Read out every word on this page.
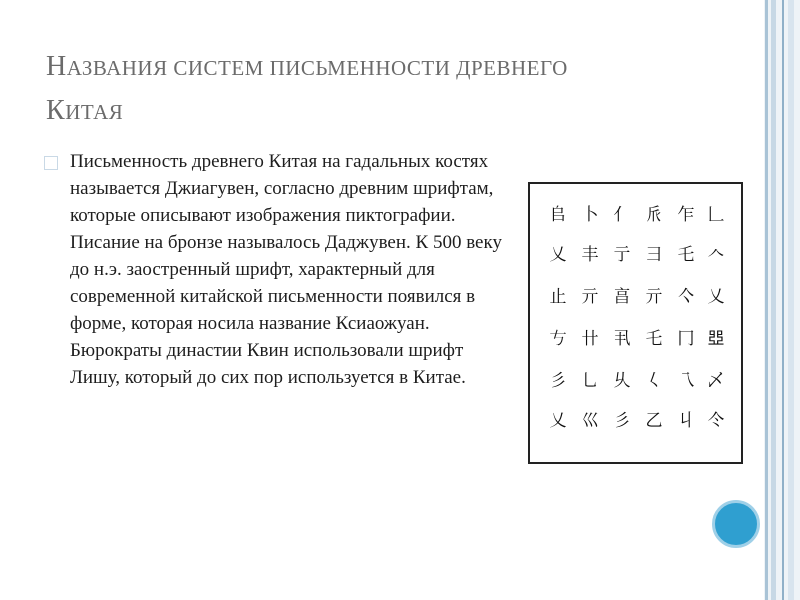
НАЗВАНИЯ СИСТЕМ ПИСЬМЕННОСТИ ДРЕВНЕГО
КИТАЯ

Письменность древнего Китая на гадальных костях называется Джиагувен, согласно древним шрифтам, которые описывают изображения пиктографии. Писание на бронзе называлось Даджувен. К 500 веку до н.э. заостренный шрифт, характерный для современной китайской письменности появился в форме, которая носила название Ксиаожуан. Бюрократы династии Квин использовали шрифт Лишу, который до сих пор используется в Китае.

𠂤
乂
止
𠀁
彡
乂
卜
丰
亓
卄
乚
巛
亻
亍
亯
丮
乆
彡
𠂢
彐
亓
乇
𡿨
乙
乍
乇
亽
冂
乁
丩
𠃊
𠆢
乂
𠁁
乄
仒
